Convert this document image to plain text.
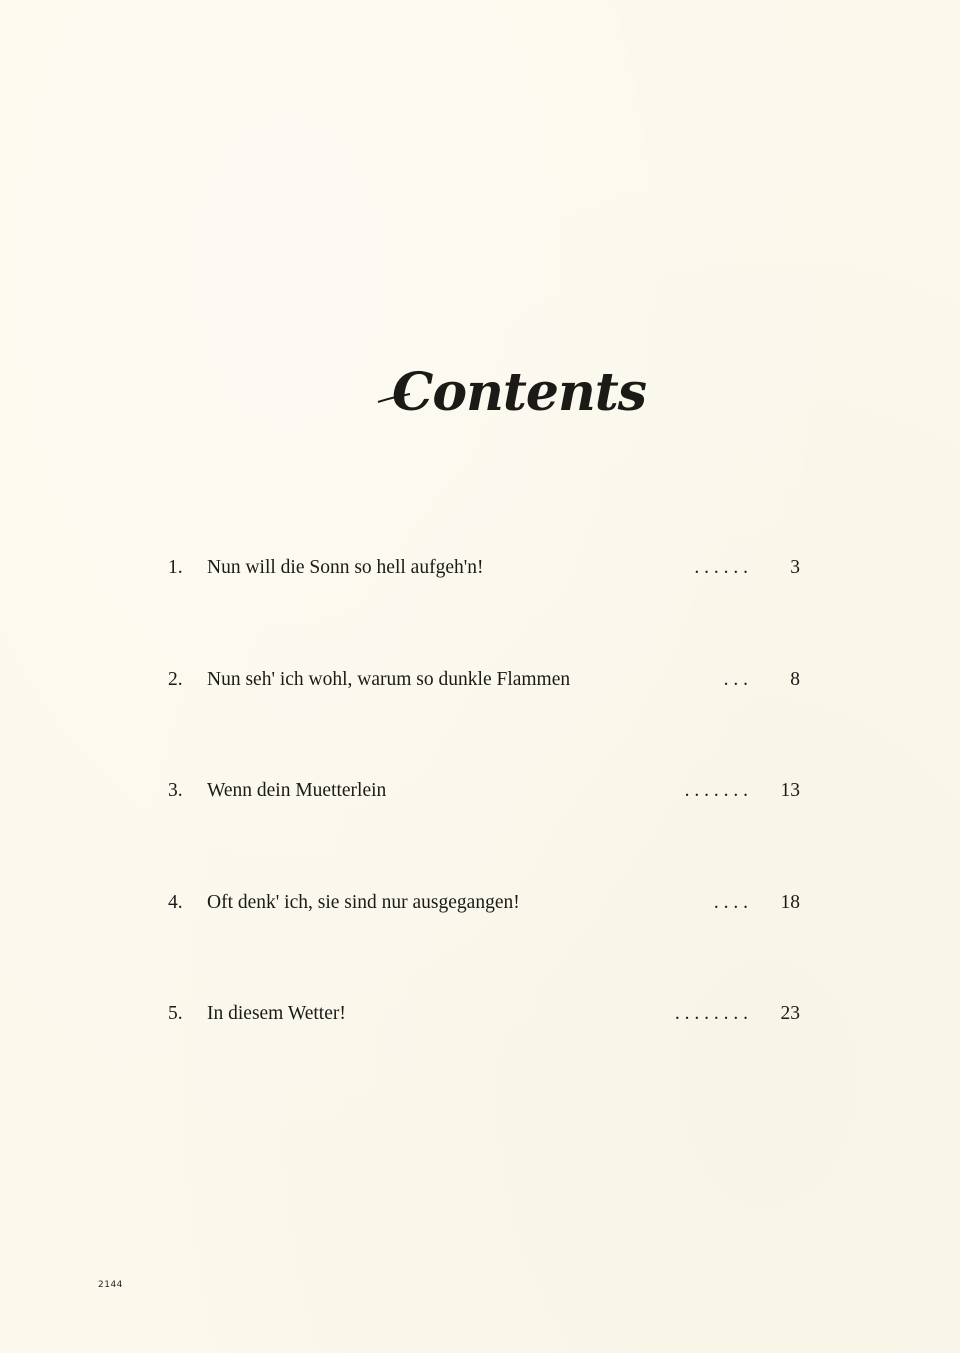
Contents
1.	Nun will die Sonn so hell aufgeh'n!	. . . . . .	3
2.	Nun seh' ich wohl, warum so dunkle Flammen	. . .	8
3.	Wenn dein Muetterlein	. . . . . . .	13
4.	Oft denk' ich, sie sind nur ausgegangen!	. . . .	18
5.	In diesem Wetter!	. . . . . . . .	23
2144
